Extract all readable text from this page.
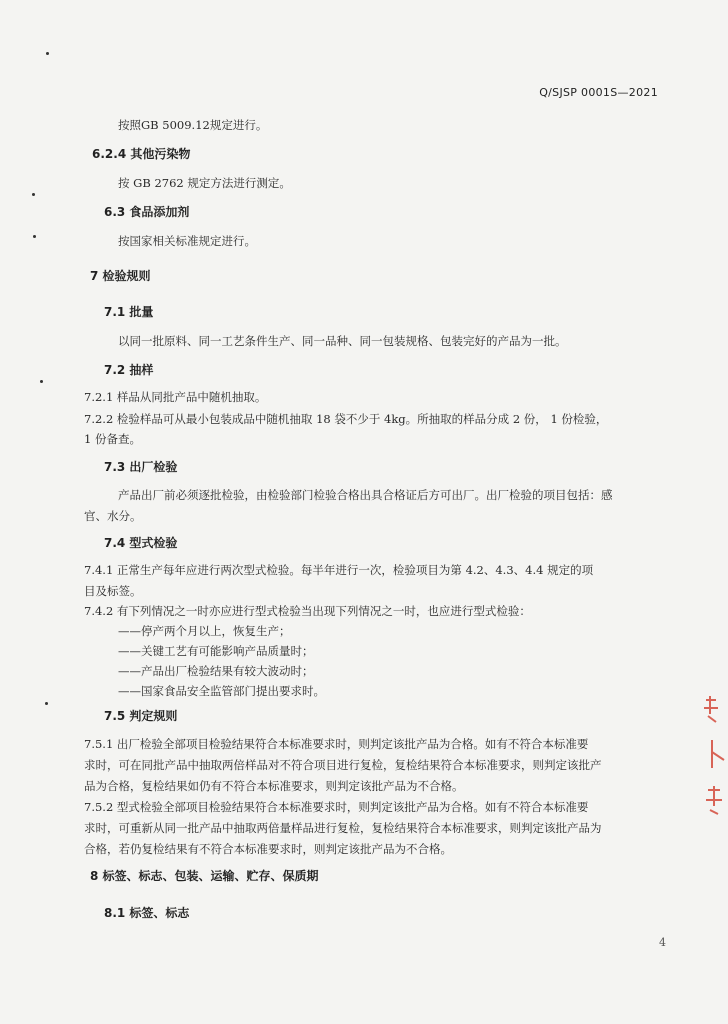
Q/SJSP 0001S—2021
按照GB 5009.12规定进行。
6.2.4 其他污染物
按 GB 2762 规定方法进行测定。
6.3 食品添加剂
按国家相关标准规定进行。
7 检验规则
7.1 批量
以同一批原料、同一工艺条件生产、同一品种、同一包装规格、包装完好的产品为一批。
7.2 抽样
7.2.1 样品从同批产品中随机抽取。
7.2.2 检验样品可从最小包装成品中随机抽取 18 袋不少于 4kg。所抽取的样品分成 2 份， 1 份检验，
1 份备查。
7.3 出厂检验
产品出厂前必须逐批检验，由检验部门检验合格出具合格证后方可出厂。出厂检验的项目包括：感
官、水分。
7.4 型式检验
7.4.1 正常生产每年应进行两次型式检验。每半年进行一次，检验项目为第 4.2、4.3、4.4 规定的项
目及标签。
7.4.2 有下列情况之一时亦应进行型式检验当出现下列情况之一时，也应进行型式检验：
——停产两个月以上，恢复生产；
——关键工艺有可能影响产品质量时；
——产品出厂检验结果有较大波动时；
——国家食品安全监管部门提出要求时。
7.5 判定规则
7.5.1 出厂检验全部项目检验结果符合本标准要求时，则判定该批产品为合格。如有不符合本标准要
求时，可在同批产品中抽取两倍样品对不符合项目进行复检，复检结果符合本标准要求，则判定该批产
品为合格，复检结果如仍有不符合本标准要求，则判定该批产品为不合格。
7.5.2 型式检验全部项目检验结果符合本标准要求时，则判定该批产品为合格。如有不符合本标准要
求时，可重新从同一批产品中抽取两倍量样品进行复检，复检结果符合本标准要求，则判定该批产品为
合格，若仍复检结果有不符合本标准要求时，则判定该批产品为不合格。
8 标签、标志、包装、运输、贮存、保质期
8.1 标签、标志
4
